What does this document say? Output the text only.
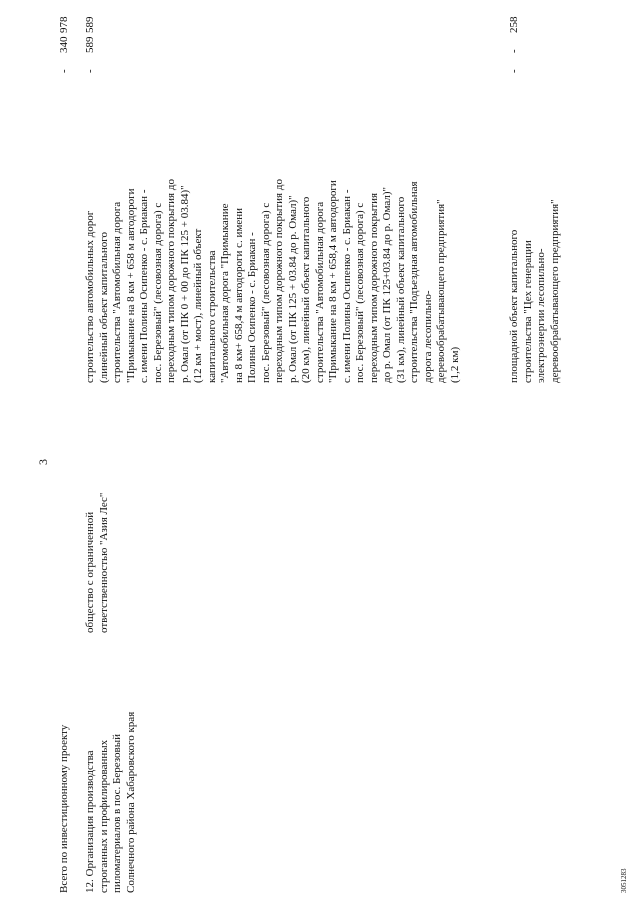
3
Всего по инвестиционному проекту
-
340
978
12. Организация производства
строганных и профилированных
пиломатериалов в пос. Березовый
Солнечного района Хабаровского края
общество с ограниченной
ответственностью "Азия Лес"
строительство автомобильных дорог
(линейный объект капитального
строительства "Автомобильная дорога
"Примыкание на 8 км + 658 м автодороги
с. имени Полины Осипенко - с. Бриакан -
пос. Березовый" (лесовозная дорога) с
переходным типом дорожного покрытия до
р. Омал (от ПК 0 + 00 до ПК 125 + 03.84)"
(12 км + мост), линейный объект
капитального строительства
"Автомобильная дорога "Примыкание
на 8 км+ 658,4 м автодороги с. имени
Полины Осипенко - с. Бриакан -
пос. Березовый" (лесовозная дорога) с
переходным типом дорожного покрытия до
р. Омал (от ПК 125 + 03.84 до р. Омал)"
(20 км), линейный объект капитального
строительства "Автомобильная дорога
"Примыкание на 8 км + 658,4 м автодороги
с. имени Полины Осипенко - с. Бриакан -
пос. Березовый" (лесовозная дорога) с
переходным типом дорожного покрытия
до р. Омал (от ПК 125+03.84 до р. Омал)"
(31 км), линейный объект капитального
строительства "Подъездная автомобильная
дорога лесопильно-
деревообрабатывающего предприятия"
(1,2 км)
-
589
589
площадной объект капитального
строительства "Цех генерации
электроэнергии лесопильно-
деревообрабатывающего предприятия"
-
-
258
3051283
